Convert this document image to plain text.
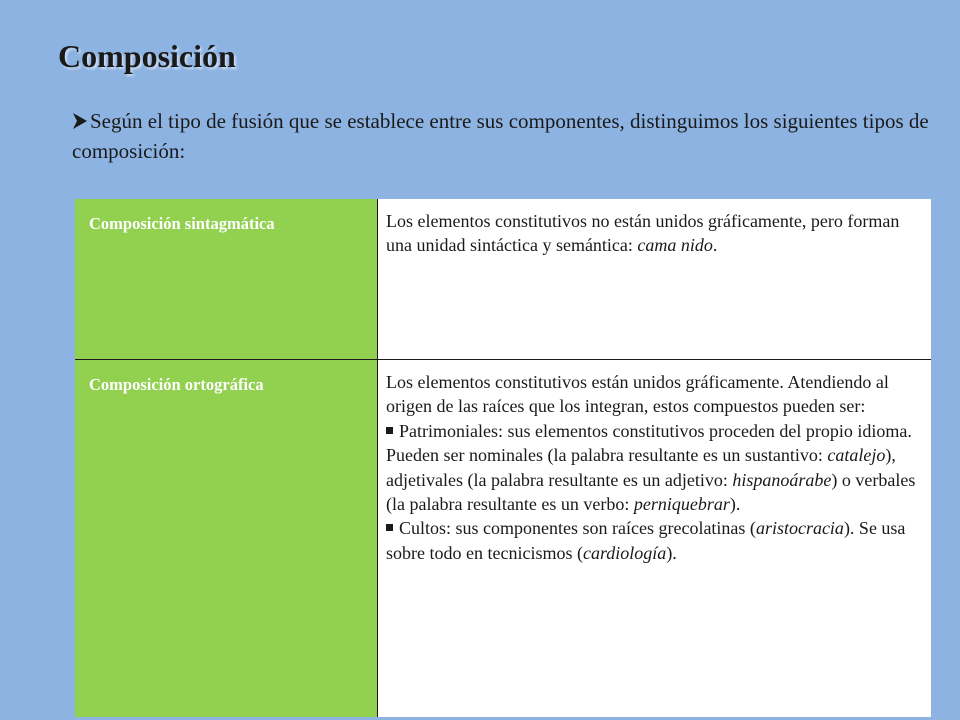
Composición
Según el tipo de fusión que se establece entre sus componentes, distinguimos los siguientes tipos de composición:
Composición sintagmática	Los elementos constitutivos no están unidos gráficamente, pero forman una unidad sintáctica y semántica: cama nido.

Composición ortográfica	Los elementos constitutivos están unidos gráficamente. Atendiendo al origen de las raíces que los integran, estos compuestos pueden ser:

Patrimoniales: sus elementos constitutivos proceden del propio idioma. Pueden ser nominales (la palabra resultante es un sustantivo: catalejo), adjetivales (la palabra resultante es un adjetivo: hispanoárabe) o verbales (la palabra resultante es un verbo: perniquebrar).

Cultos: sus componentes son raíces grecolatinas (aristocracia). Se usa sobre todo en tecnicismos (cardiología).
